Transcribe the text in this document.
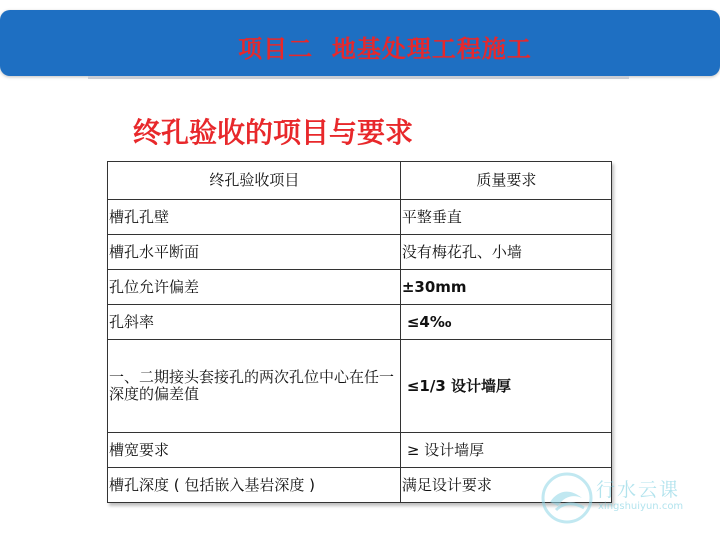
项目二  地基处理工程施工
终孔验收的项目与要求
终孔验收项目	质量要求
槽孔孔壁	平整垂直
槽孔水平断面	没有梅花孔、小墙
孔位允许偏差	±30mm
孔斜率	≤4‰
一、二期接头套接孔的两次孔位中心在任一深度的偏差值	≤1/3 设计墙厚
槽宽要求	≥ 设计墙厚
槽孔深度 ( 包括嵌入基岩深度 )	满足设计要求	行水云课
xingshuiyun.com
